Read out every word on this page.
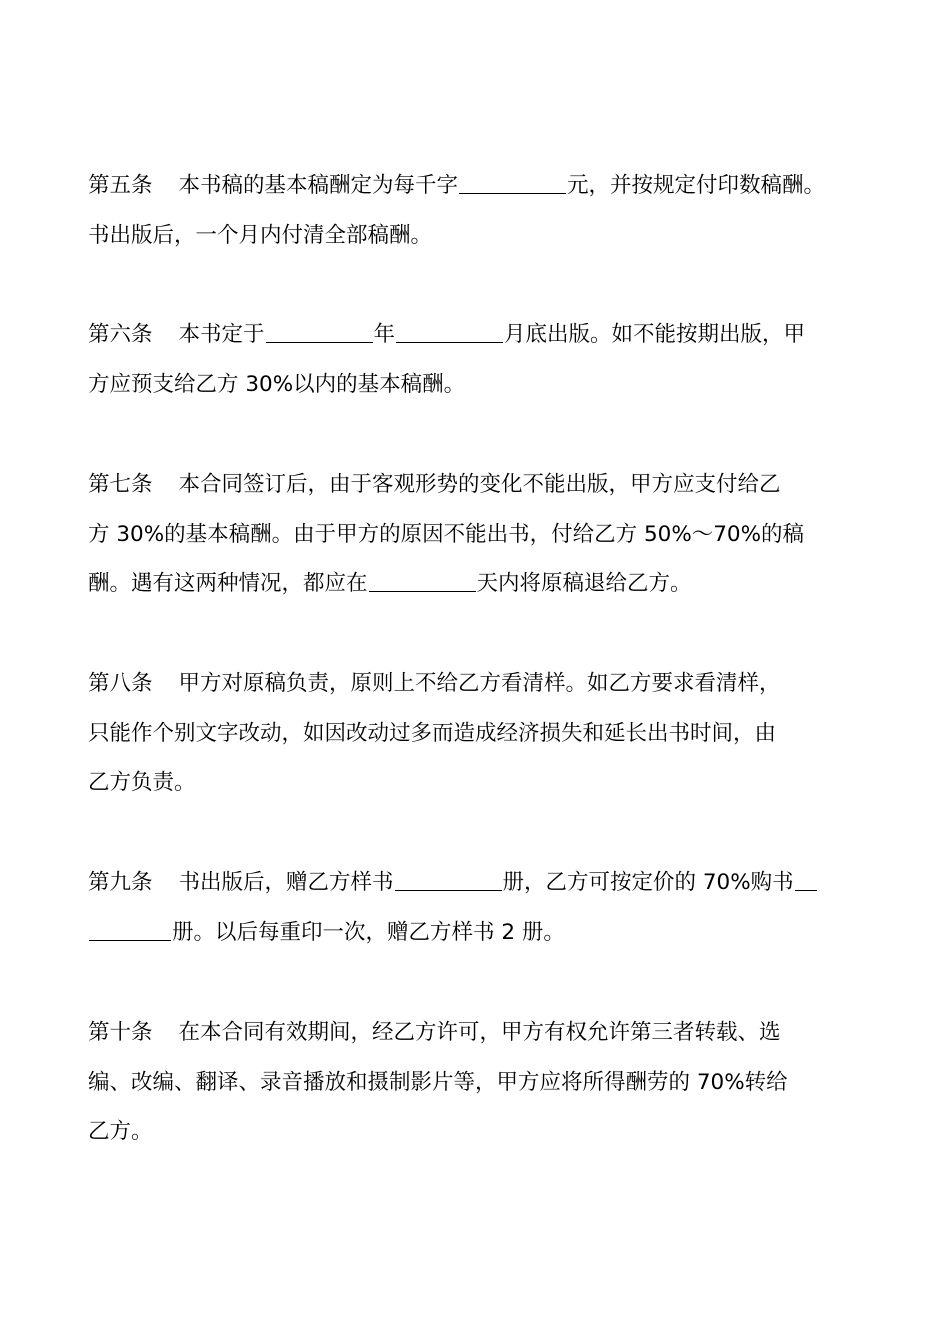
第五条 本书稿的基本稿酬定为每千字	元，并按规定付印数稿酬。
书出版后，一个月内付清全部稿酬。
第六条 本书定于	年	月底出版。如不能按期出版，甲
方应预支给乙方 30%以内的基本稿酬。
第七条 本合同签订后，由于客观形势的变化不能出版，甲方应支付给乙
方 30%的基本稿酬。由于甲方的原因不能出书，付给乙方 50%～70%的稿
酬。遇有这两种情况，都应在	天内将原稿退给乙方。
第八条 甲方对原稿负责，原则上不给乙方看清样。如乙方要求看清样，
只能作个别文字改动，如因改动过多而造成经济损失和延长出书时间，由
乙方负责。
第九条 书出版后，赠乙方样书	册，乙方可按定价的 70%购书
册。以后每重印一次，赠乙方样书 2 册。
第十条 在本合同有效期间，经乙方许可，甲方有权允许第三者转载、选
编、改编、翻译、录音播放和摄制影片等，甲方应将所得酬劳的 70%转给
乙方。
